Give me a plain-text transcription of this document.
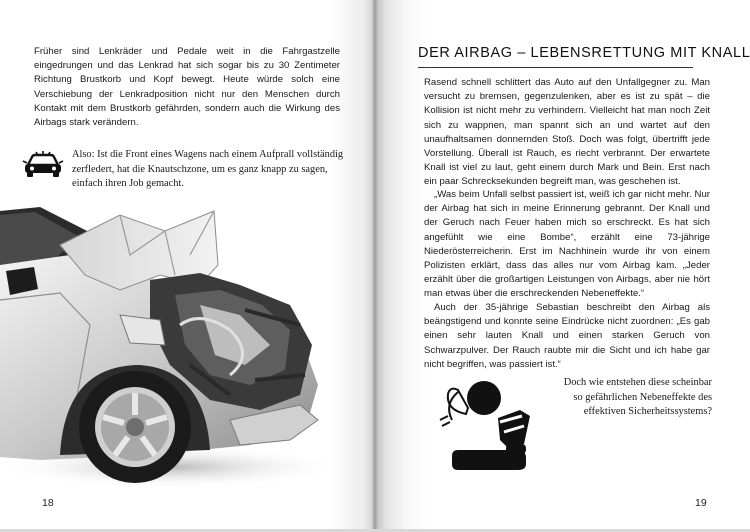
Früher sind Lenkräder und Pedale weit in die Fahrgastzelle eingedrungen und das Lenkrad hat sich sogar bis zu 30 Zentimeter Richtung Brustkorb und Kopf bewegt. Heute würde solch eine Verschiebung der Lenkradposition nicht nur den Menschen durch Kontakt mit dem Brustkorb gefährden, sondern auch die Wirkung des Airbags stark verändern.

Also: Ist die Front eines Wagens nach einem Aufprall vollständig zerfledert, hat die Knautschzone, um es ganz knapp zu sagen, einfach ihren Job gemacht.

18
DER AIRBAG – LEBENSRETTUNG MIT KNALL

Rasend schnell schlittert das Auto auf den Unfallgegner zu. Man versucht zu bremsen, gegenzulenken, aber es ist zu spät – die Kollision ist nicht mehr zu verhindern. Vielleicht hat man noch Zeit sich zu wappnen, man spannt sich an und wartet auf den unaufhaltsamen donnernden Stoß. Doch was folgt, übertrifft jede Vorstellung. Überall ist Rauch, es riecht verbrannt. Der erwartete Knall ist viel zu laut, geht einem durch Mark und Bein. Erst nach ein paar Schrecksekunden begreift man, was geschehen ist.

„Was beim Unfall selbst passiert ist, weiß ich gar nicht mehr. Nur der Airbag hat sich in meine Erinnerung gebrannt. Der Knall und der Geruch nach Feuer haben mich so erschreckt. Es hat sich angefühlt wie eine Bombe“, erzählt eine 73-jährige Niederösterreicherin. Erst im Nachhinein wurde ihr von einem Polizisten erklärt, dass das alles nur vom Airbag kam. „Jeder erzählt über die großartigen Leistungen von Airbags, aber nie hört man etwas über die erschreckenden Nebeneffekte.“

Auch der 35-jährige Sebastian beschreibt den Airbag als beängstigend und konnte seine Eindrücke nicht zuordnen: „Es gab einen sehr lauten Knall und einen starken Geruch von Schwarzpulver. Der Rauch raubte mir die Sicht und ich habe gar nicht begriffen, was passiert ist.“

Doch wie entstehen diese scheinbar so gefährlichen Nebeneffekte des effektiven Sicherheitssystems?

19
